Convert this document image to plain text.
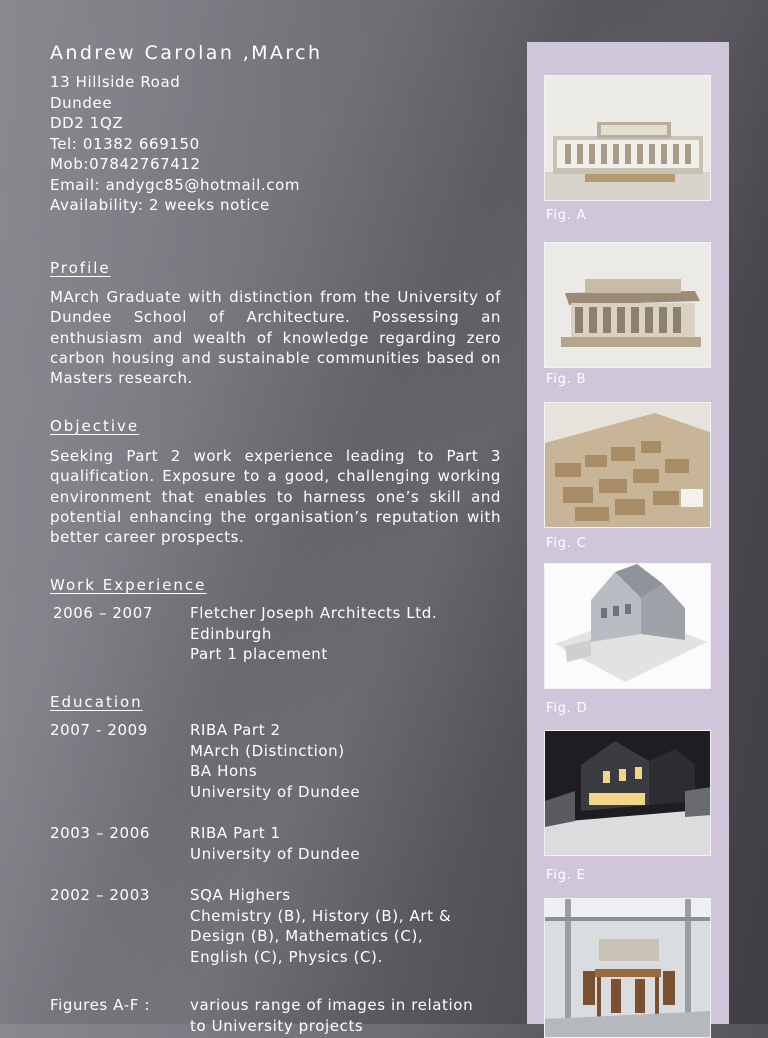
Andrew Carolan ,MArch
13 Hillside Road
Dundee
DD2 1QZ
Tel: 01382 669150
Mob:07842767412
Email: andygc85@hotmail.com
Availability: 2 weeks notice
Profile
MArch Graduate with distinction from the University of Dundee School of Architecture. Possessing an enthusiasm and wealth of knowledge regarding zero carbon housing and sustainable communities based on Masters research.
Objective
Seeking Part 2 work experience leading to Part 3 qualification. Exposure to a good, challenging working environment that enables to harness one’s skill and potential enhancing the organisation’s reputation with better career prospects.
Work Experience
2006 – 2007 Fletcher Joseph Architects Ltd.
Edinburgh
Part 1 placement
Education
2007 - 2009	RIBA Part 2
MArch (Distinction)
BA Hons
University of Dundee
2003 – 2006	RIBA Part 1
University of Dundee
2002 – 2003	SQA Highers
Chemistry (B), History (B), Art &
Design (B), Mathematics (C),
English (C), Physics (C).
Figures A-F :	various range of images in relation
to University projects
Fig. A
Fig. B
Fig. C
Fig. D
Fig. E
